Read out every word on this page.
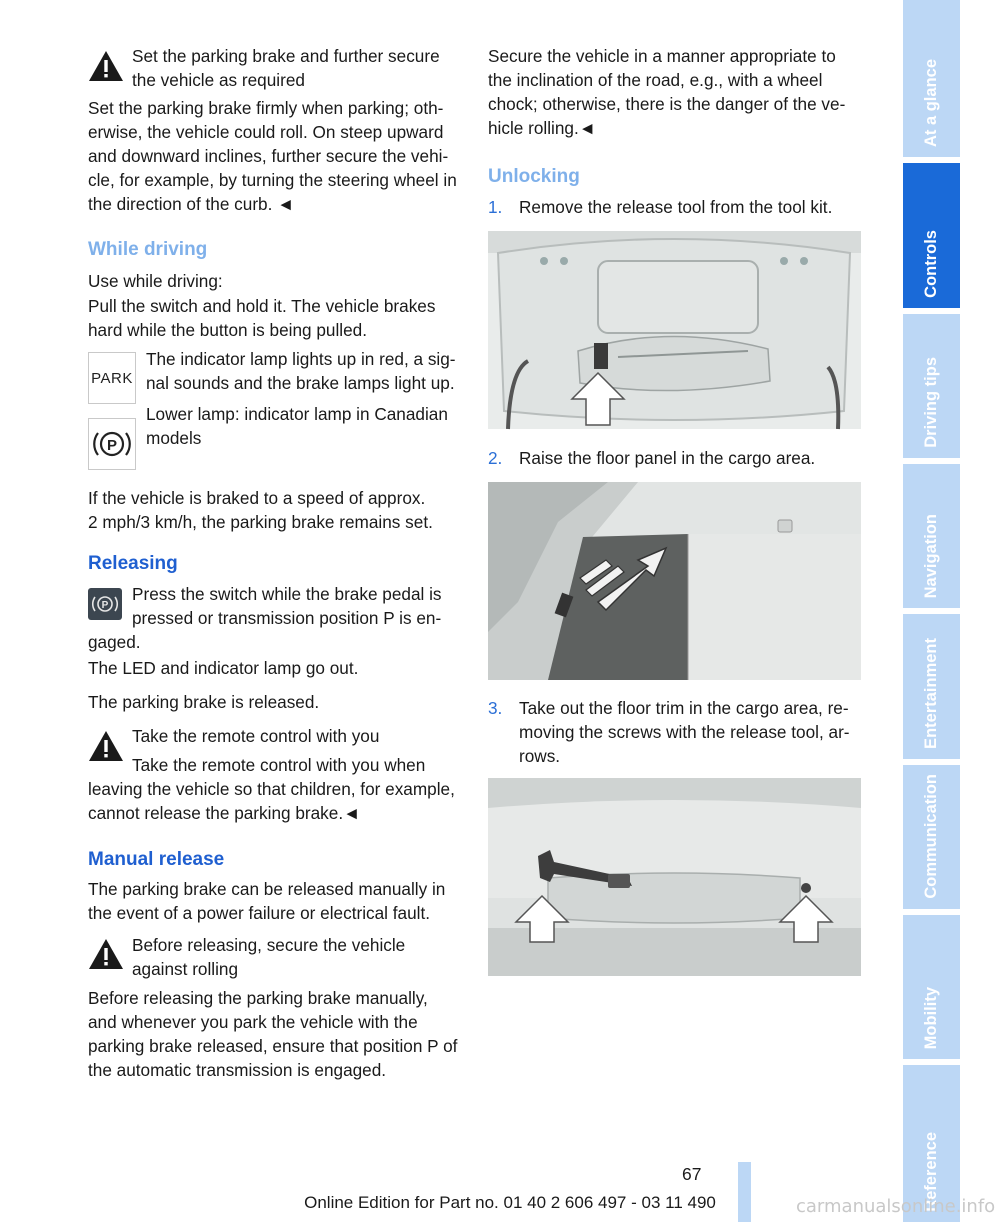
Set the parking brake and further secure
the vehicle as required

Set the parking brake firmly when parking; oth-

erwise, the vehicle could roll. On steep upward

and downward inclines, further secure the vehi-

cle, for example, by turning the steering wheel in

the direction of the curb. ◄

While driving
Use while driving:

Pull the switch and hold it. The vehicle brakes

hard while the button is being pulled.

PARK

The indicator lamp lights up in red, a sig-

nal sounds and the brake lamps light up.

P

Lower lamp: indicator lamp in Canadian

models

If the vehicle is braked to a speed of approx.

2 mph/3 km/h, the parking brake remains set.

Releasing
P

Press the switch while the brake pedal is

pressed or transmission position P is en-

gaged.
The LED and indicator lamp go out.
The parking brake is released.
Take the remote control with you
Take the remote control with you when

leaving the vehicle so that children, for example,

cannot release the parking brake.◄

Manual release

The parking brake can be released manually in

the event of a power failure or electrical fault.

Before releasing, secure the vehicle
against rolling

Before releasing the parking brake manually,

and whenever you park the vehicle with the

parking brake released, ensure that position P of

the automatic transmission is engaged.

Secure the vehicle in a manner appropriate to

the inclination of the road, e.g., with a wheel

chock; otherwise, there is the danger of the ve-

hicle rolling.◄

Unlocking
1. Remove the release tool from the tool kit.
2. Raise the floor panel in the cargo area.
3. Take out the floor trim in the cargo area, re-

moving the screws with the release tool, ar-

rows.

At a glance
Controls
Driving tips
Navigation
Entertainment
Communication
Mobility
Reference
67
Online Edition for Part no. 01 40 2 606 497 - 03 11 490	carmanualsonline.info
